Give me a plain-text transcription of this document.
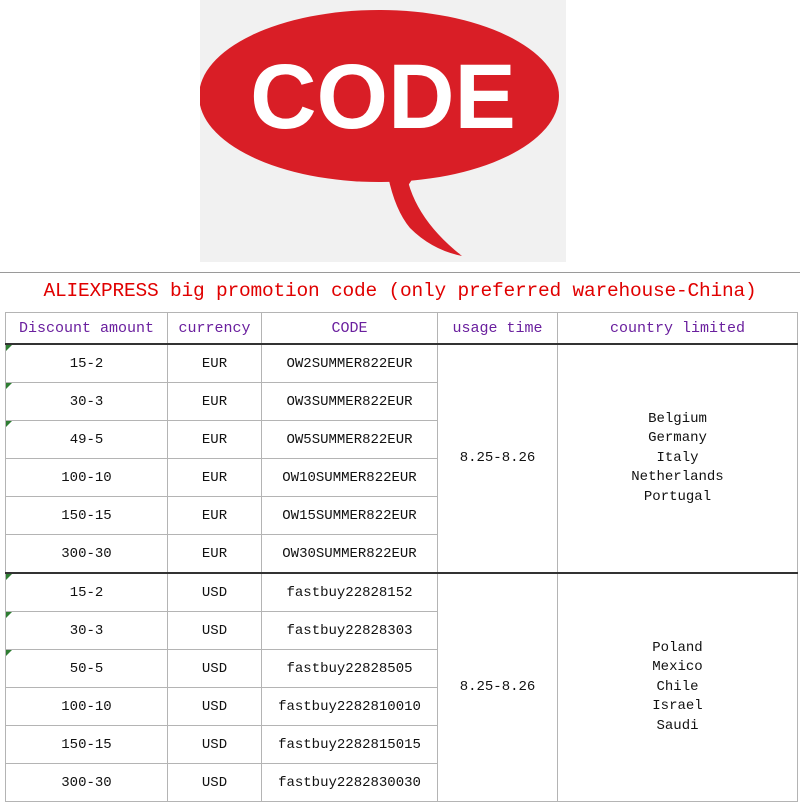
CODE
ALIEXPRESS big promotion code (only preferred warehouse-China)
Discount amount	currency	CODE	usage time	country limited

15-2	EUR	OW2SUMMER822EUR	8.25-8.26	Belgium
Germany
Italy
Netherlands
Portugal

30-3	EUR	OW3SUMMER822EUR		

49-5	EUR	OW5SUMMER822EUR		
100-10	EUR	OW10SUMMER822EUR		
150-15	EUR	OW15SUMMER822EUR		
300-30	EUR	OW30SUMMER822EUR		

15-2	USD	fastbuy22828152	8.25-8.26	Poland
Mexico
Chile
Israel
Saudi

30-3	USD	fastbuy22828303		

50-5	USD	fastbuy22828505		
100-10	USD	fastbuy2282810010		
150-15	USD	fastbuy2282815015		
300-30	USD	fastbuy2282830030		
